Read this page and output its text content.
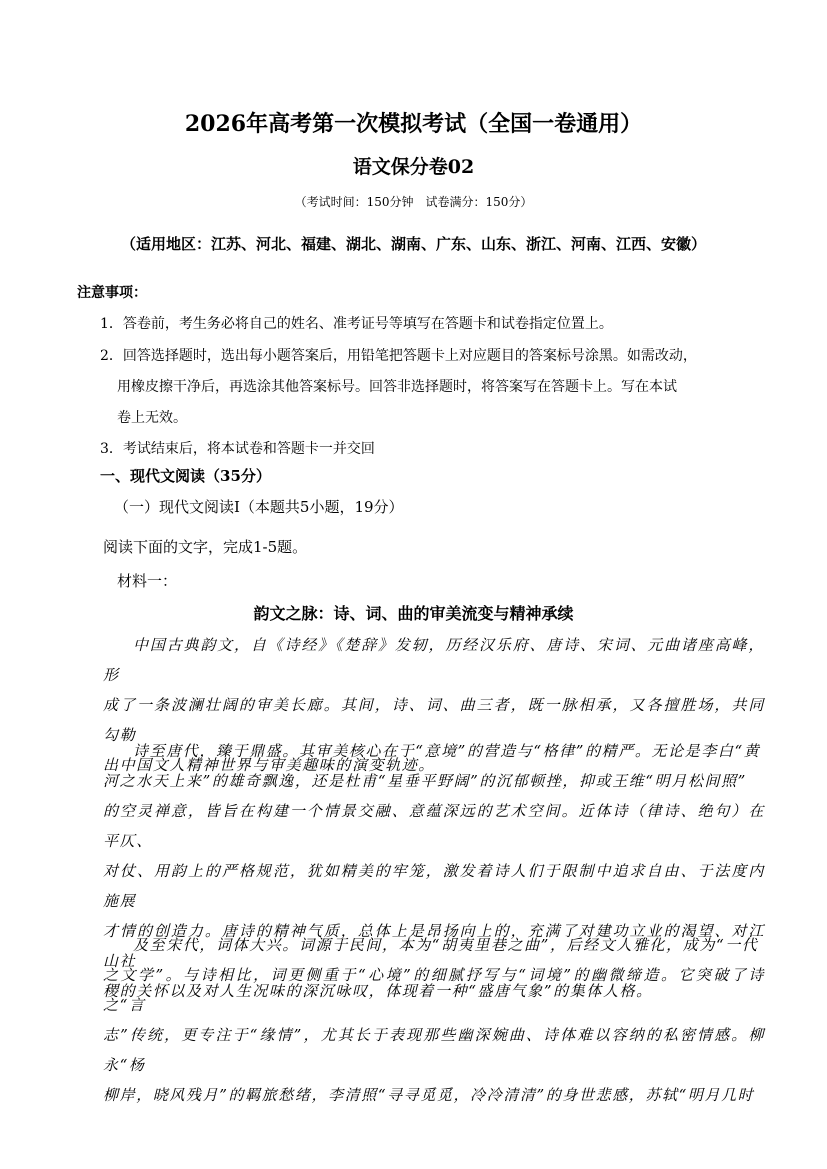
2026年高考第一次模拟考试（全国一卷通用）
语文保分卷02
（考试时间：150分钟　试卷满分：150分）
（适用地区：江苏、河北、福建、湖北、湖南、广东、山东、浙江、河南、江西、安徽）
注意事项：
1．答卷前，考生务必将自己的姓名、准考证号等填写在答题卡和试卷指定位置上。
2．回答选择题时，选出每小题答案后，用铅笔把答题卡上对应题目的答案标号涂黑。如需改动，
用橡皮擦干净后，再选涂其他答案标号。回答非选择题时，将答案写在答题卡上。写在本试
卷上无效。
3．考试结束后，将本试卷和答题卡一并交回
一、现代文阅读（35分）
（一）现代文阅读Ⅰ（本题共5小题，19分）
阅读下面的文字，完成1-5题。
材料一：
韵文之脉：诗、词、曲的审美流变与精神承续
中国古典韵文，自《诗经》《楚辞》发轫，历经汉乐府、唐诗、宋词、元曲诸座高峰，形
成了一条波澜壮阔的审美长廊。其间，诗、词、曲三者，既一脉相承，又各擅胜场，共同勾勒
出中国文人精神世界与审美趣味的演变轨迹。
诗至唐代，臻于鼎盛。其审美核心在于“意境”的营造与“格律”的精严。无论是李白“黄
河之水天上来”的雄奇飘逸，还是杜甫“星垂平野阔”的沉郁顿挫，抑或王维“明月松间照”
的空灵禅意，皆旨在构建一个情景交融、意蕴深远的艺术空间。近体诗（律诗、绝句）在平仄、
对仗、用韵上的严格规范，犹如精美的牢笼，激发着诗人们于限制中追求自由、于法度内施展
才情的创造力。唐诗的精神气质，总体上是昂扬向上的，充满了对建功立业的渴望、对江山社
稷的关怀以及对人生况味的深沉咏叹，体现着一种“盛唐气象”的集体人格。
及至宋代，词体大兴。词源于民间，本为“胡夷里巷之曲”，后经文人雅化，成为“一代
之文学”。与诗相比，词更侧重于“心境”的细腻抒写与“词境”的幽微缔造。它突破了诗之“言
志”传统，更专注于“缘情”，尤其长于表现那些幽深婉曲、诗体难以容纳的私密情感。柳永“杨
柳岸，晓风残月”的羁旅愁绪，李清照“寻寻觅觅，冷冷清清”的身世悲感，苏轼“明月几时
